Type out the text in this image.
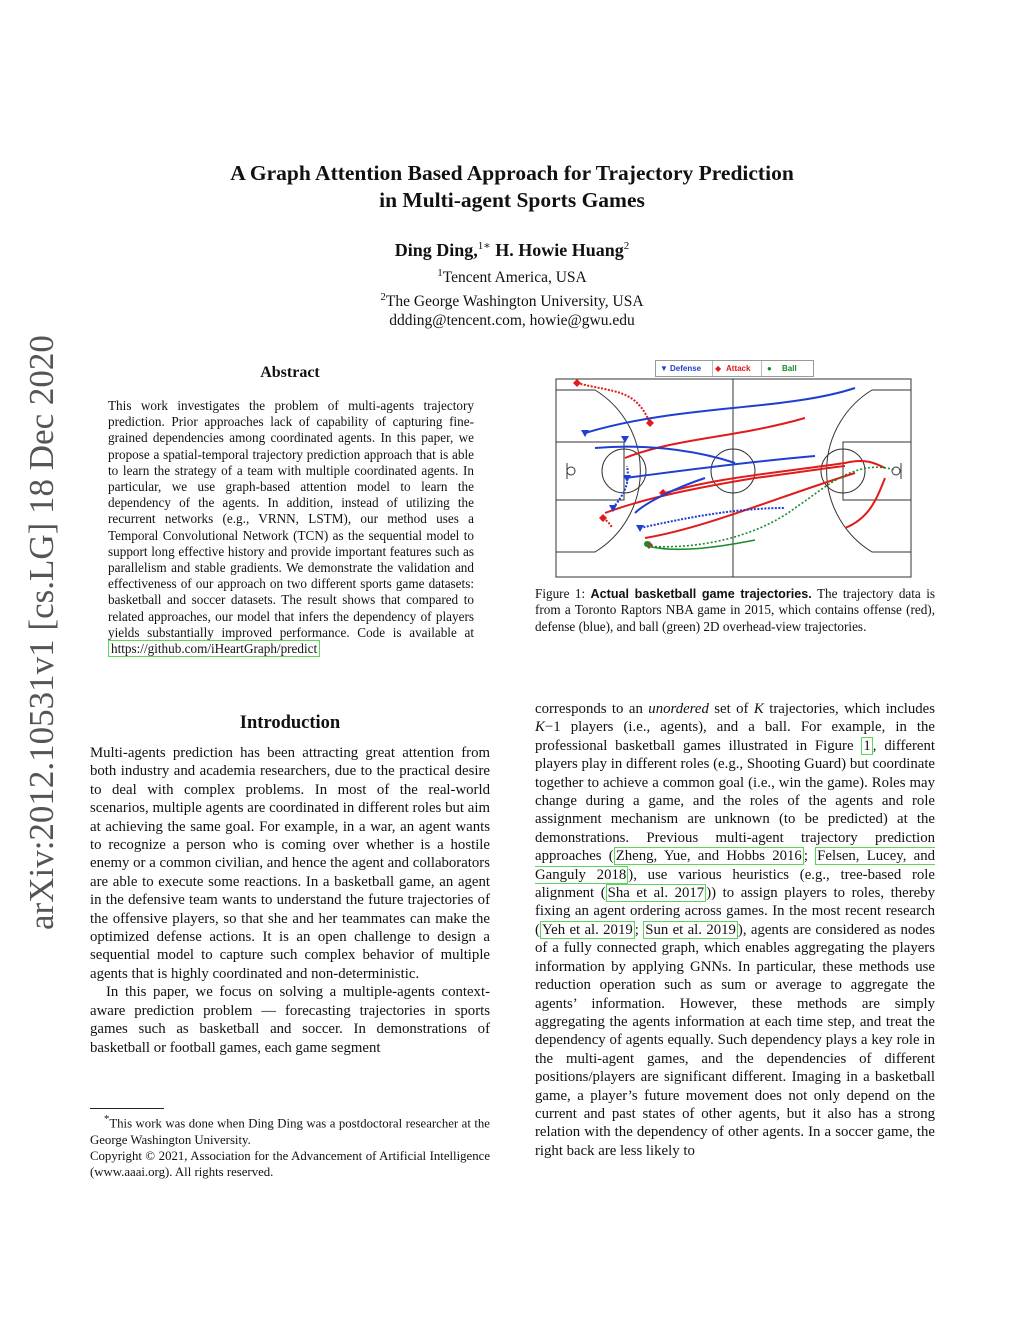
arXiv:2012.10531v1 [cs.LG] 18 Dec 2020
A Graph Attention Based Approach for Trajectory Prediction
in Multi-agent Sports Games
Ding Ding,$^{1∗}$ H. Howie Huang$^2$
$^1$Tencent America, USA
$^2$The George Washington University, USA
ddding@tencent.com, howie@gwu.edu
Abstract
This work investigates the problem of multi-agents trajectory prediction. Prior approaches lack of capability of capturing fine-grained dependencies among coordinated agents. In this paper, we propose a spatial-temporal trajectory prediction approach that is able to learn the strategy of a team with multiple coordinated agents. In particular, we use graph-based attention model to learn the dependency of the agents. In addition, instead of utilizing the recurrent networks (e.g., VRNN, LSTM), our method uses a Temporal Convolutional Network (TCN) as the sequential model to support long effective history and provide important features such as parallelism and stable gradients. We demonstrate the validation and effectiveness of our approach on two different sports game datasets: basketball and soccer datasets. The result shows that compared to related approaches, our model that infers the dependency of players yields substantially improved performance. Code is available at https://github.com/iHeartGraph/predict
Introduction

Multi-agents prediction has been attracting great attention from both industry and academia researchers, due to the practical desire to deal with complex problems. In most of the real-world scenarios, multiple agents are coordinated in different roles but aim at achieving the same goal. For example, in a war, an agent wants to recognize a person who is coming over whether is a hostile enemy or a common civilian, and hence the agent and collaborators are able to execute some reactions. In a basketball game, an agent in the defensive team wants to understand the future trajectories of the offensive players, so that she and her teammates can make the optimized defense actions. It is an open challenge to design a sequential model to capture such complex behavior of multiple agents that is highly coordinated and non-deterministic.

In this paper, we focus on solving a multiple-agents context-aware prediction problem — forecasting trajectories in sports games such as basketball and soccer. In demonstrations of basketball or football games, each game segment

*This work was done when Ding Ding was a postdoctoral researcher at the George Washington University.

Copyright © 2021, Association for the Advancement of Artificial Intelligence (www.aaai.org). All rights reserved.

▼ Defense ◆ Attack ● Ball
Figure 1: Actual basketball game trajectories. The trajectory data is from a Toronto Raptors NBA game in 2015, which contains offense (red), defense (blue), and ball (green) 2D overhead-view trajectories.
corresponds to an unordered set of K trajectories, which includes K−1 players (i.e., agents), and a ball. For example, in the professional basketball games illustrated in Figure 1 , different players play in different roles (e.g., Shooting Guard) but coordinate together to achieve a common goal (i.e., win the game). Roles may change during a game, and the roles of the agents and role assignment mechanism are unknown (to be predicted) at the demonstrations. Previous multi-agent trajectory prediction approaches ( Zheng, Yue, and Hobbs 2016 ; Felsen, Lucey, and Ganguly 2018 ), use various heuristics (e.g., tree-based role alignment ( Sha et al. 2017 )) to assign players to roles, thereby fixing an agent ordering across games. In the most recent research ( Yeh et al. 2019 ; Sun et al. 2019 ), agents are considered as nodes of a fully connected graph, which enables aggregating the players information by applying GNNs. In particular, these methods use reduction operation such as sum or average to aggregate the agents’ information. However, these methods are simply aggregating the agents information at each time step, and treat the dependency of agents equally. Such dependency plays a key role in the multi-agent games, and the dependencies of different positions/players are significant different. Imaging in a basketball game, a player’s future movement does not only depend on the current and past states of other agents, but it also has a strong relation with the dependency of other agents. In a soccer game, the right back are less likely to
